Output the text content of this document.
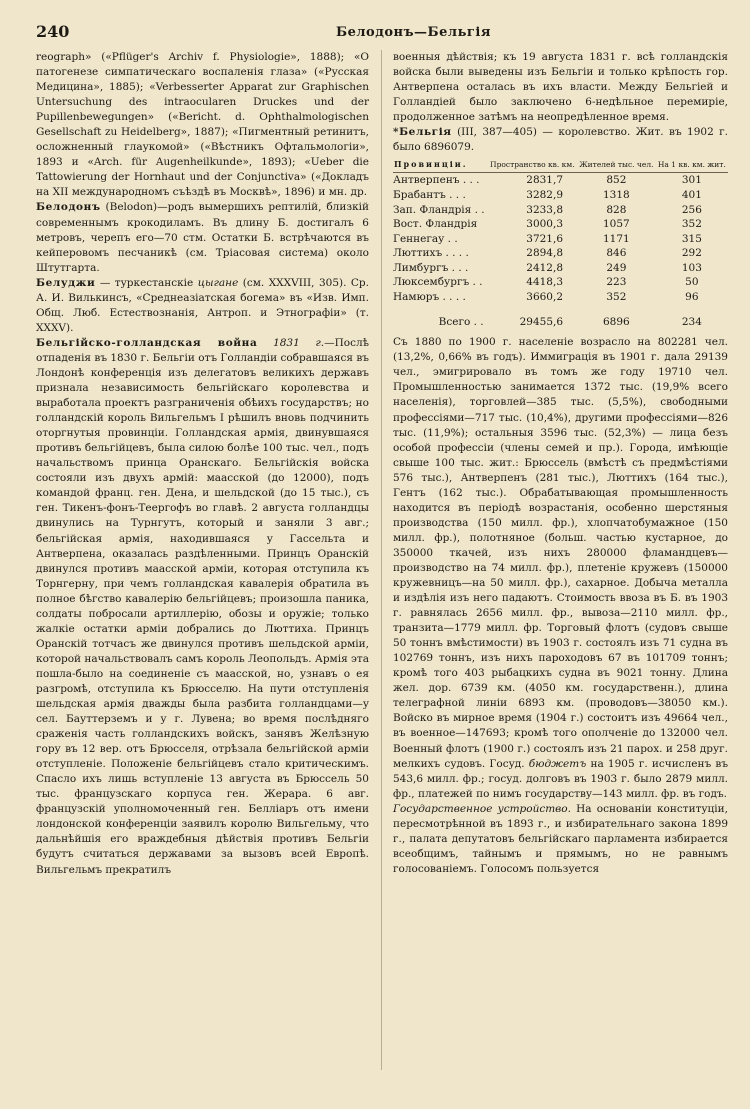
240	Белодонъ—Бельгія

reograph» («Pflüger's Archiv f. Physiologie», 1888); «О патогенезе симпатическаго воспаленія глаза» («Русская Медицина», 1885); «Verbesserter Apparat zur Graphischen Untersuchung des intraocularen Druckes und der Pupillenbewegungen» («Bericht. d. Ophthalmologischen Gesellschaft zu Heidelberg», 1887); «Пигментный ретинитъ, осложненный глаукомой» («Вѣстникъ Офтальмологіи», 1893 и «Arch. für Augenheilkunde», 1893); «Ueber die Tattowierung der Hornhaut und der Conjunctiva» («Докладъ на XII международномъ съѣздѣ въ Москвѣ», 1896) и мн. др.

Белодонъ (Belodon)—родъ вымершихъ рептилій, близкій современнымъ крокодиламъ. Въ длину Б. достигалъ 6 метровъ, черепъ его—70 стм. Остатки Б. встрѣчаются въ кейперовомъ песчаникѣ (см. Тріасовая система) около Штутгарта.

Белуджи — туркестанскіе цыгане (см. XXXVIII, 305). Ср. А. И. Вилькинсъ, «Среднеазіатская богема» въ «Изв. Имп. Общ. Люб. Естествознанія, Антроп. и Этнографіи» (т. XXXV).

Бельгійско-голландская война 1831 г.—Послѣ отпаденія въ 1830 г. Бельгіи отъ Голландіи собравшаяся въ Лондонѣ конференція изъ делегатовъ великихъ державъ признала независимость бельгійскаго королевства и выработала проектъ разграниченія обѣихъ государствъ; но голландскій король Вильгельмъ I рѣшилъ вновь подчинить оторгнутыя провинціи. Голландская армія, двинувшаяся противъ бельгійцевъ, была силою болѣе 100 тыс. чел., подъ начальствомъ принца Оранскаго. Бельгійскія войска состояли изъ двухъ армій: маасской (до 12000), подъ командой франц. ген. Дена, и шельдской (до 15 тыс.), съ ген. Тикенъ-фонъ-Теергофъ во главѣ. 2 августа голландцы двинулись на Турнгутъ, который и заняли 3 авг.; бельгійская армія, находившаяся у Гассельта и Антверпена, оказалась раздѣленными. Принцъ Оранскій двинулся противъ маасской арміи, которая отступила къ Торнгерну, при чемъ голландская кавалерія обратила въ полное бѣгство кавалерію бельгійцевъ; произошла паника, солдаты побросали артиллерію, обозы и оружіе; только жалкіе остатки арміи добрались до Люттиха. Принцъ Оранскій тотчасъ же двинулся противъ шельдской арміи, которой начальствовалъ самъ король Леопольдъ. Армія эта пошла-было на соединеніе съ маасской, но, узнавъ о ея разгромѣ, отступила къ Брюсселю. На пути отступленія шельдская армія дважды была разбита голландцами—у сел. Бауттерземъ и у г. Лувена; во время послѣдняго сраженія часть голландскихъ войскъ, занявъ Желѣзную гору въ 12 вер. отъ Брюсселя, отрѣзала бельгійской арміи отступленіе. Положеніе бельгійцевъ стало критическимъ. Спасло ихъ лишь вступленіе 13 августа въ Брюссель 50 тыс. французскаго корпуса ген. Жерара. 6 авг. французскій уполномоченный ген. Белліаръ отъ имени лондонской конференціи заявилъ королю Вильгельму, что дальнѣйшія его враждебныя дѣйствія противъ Бельгіи будутъ считаться державами за вызовъ всей Европѣ. Вильгельмъ прекратилъ

военныя дѣйствія; къ 19 августа 1831 г. всѣ голландскія войска были выведены изъ Бельгіи и только крѣпость гор. Антверпена осталась въ ихъ власти. Между Бельгіей и Голландіей было заключено 6-недѣльное перемиріе, продолженное затѣмъ на неопредѣленное время.

*Бельгія (III, 387—405) — королевство. Жит. въ 1902 г. было 6896079.

Провинціи.	Пространство кв. км.	Жителей тыс. чел.	На 1 кв. км. жит.
Антверпенъ . . .	2831,7	852	301
Брабантъ . . .	3282,9	1318	401
Зап. Фландрія . .	3233,8	828	256
Вост. Фландрія	3000,3	1057	352
Геннегау . .	3721,6	1171	315
Люттихъ . . . .	2894,8	846	292
Лимбургъ . . .	2412,8	249	103
Люксембургъ . .	4418,3	223	50
Намюръ . . . .	3660,2	352	96
Всего . .	29455,6	6896	234

Съ 1880 по 1900 г. населеніе возрасло на 802281 чел. (13,2%, 0,66% въ годъ). Иммиграція въ 1901 г. дала 29139 чел., эмигрировало въ томъ же году 19710 чел. Промышленностью занимается 1372 тыс. (19,9% всего населенія), торговлей—385 тыс. (5,5%), свободными профессіями—717 тыс. (10,4%), другими профессіями—826 тыс. (11,9%); остальныя 3596 тыс. (52,3%) — лица безъ особой профессіи (члены семей и пр.). Города, имѣющіе свыше 100 тыс. жит.: Брюссель (вмѣстѣ съ предмѣстіями 576 тыс.), Антверпенъ (281 тыс.), Люттихъ (164 тыс.), Гентъ (162 тыс.). Обрабатывающая промышленность находится въ періодѣ возрастанія, особенно шерстяныя производства (150 милл. фр.), хлопчатобумажное (150 милл. фр.), полотняное (больш. частью кустарное, до 350000 ткачей, изъ нихъ 280000 фламандцевъ—производство на 74 милл. фр.), плетеніе кружевъ (150000 кружевницъ—на 50 милл. фр.), сахарное. Добыча металла и издѣлія изъ него падаютъ. Стоимость ввоза въ Б. въ 1903 г. равнялась 2656 милл. фр., вывоза—2110 милл. фр., транзита—1779 милл. фр. Торговый флотъ (судовъ свыше 50 тоннъ вмѣстимости) въ 1903 г. состоялъ изъ 71 судна въ 102769 тоннъ, изъ нихъ пароходовъ 67 въ 101709 тоннъ; кромѣ того 403 рыбацкихъ судна въ 9021 тонну. Длина жел. дор. 6739 км. (4050 км. государственн.), длина телеграфной линіи 6893 км. (проводовъ—38050 км.). Войско въ мирное время (1904 г.) состоитъ изъ 49664 чел., въ военное—147693; кромѣ того ополченіе до 132000 чел. Военный флотъ (1900 г.) состоялъ изъ 21 парох. и 258 друг. мелкихъ судовъ. Госуд. бюджетъ на 1905 г. исчисленъ въ 543,6 милл. фр.; госуд. долговъ въ 1903 г. было 2879 милл. фр., платежей по нимъ государству—143 милл. фр. въ годъ.

Государственное устройство. На основаніи конституціи, пересмотрѣнной въ 1893 г., и избирательнаго закона 1899 г., палата депутатовъ бельгійскаго парламента избирается всеобщимъ, тайнымъ и прямымъ, но не равнымъ голосованіемъ. Голосомъ пользуется
